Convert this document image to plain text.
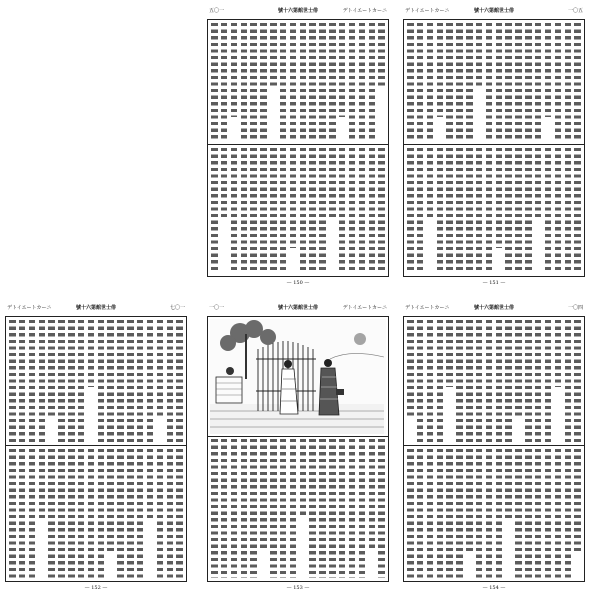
五〇一	號十六第館世士俳	デトイエートカーニ
— 150 —
デトイエートカーニ	號十六第館世士俳	一〇五
— 151 —
デトイエートカーニ	號十六第館世士俳	七〇一
— 152 —
一〇一	號十六第館世士俳	デトイエートカーニ
— 153 —
デトイエートカーニ	號十六第館世士俳	一〇四
— 154 —
